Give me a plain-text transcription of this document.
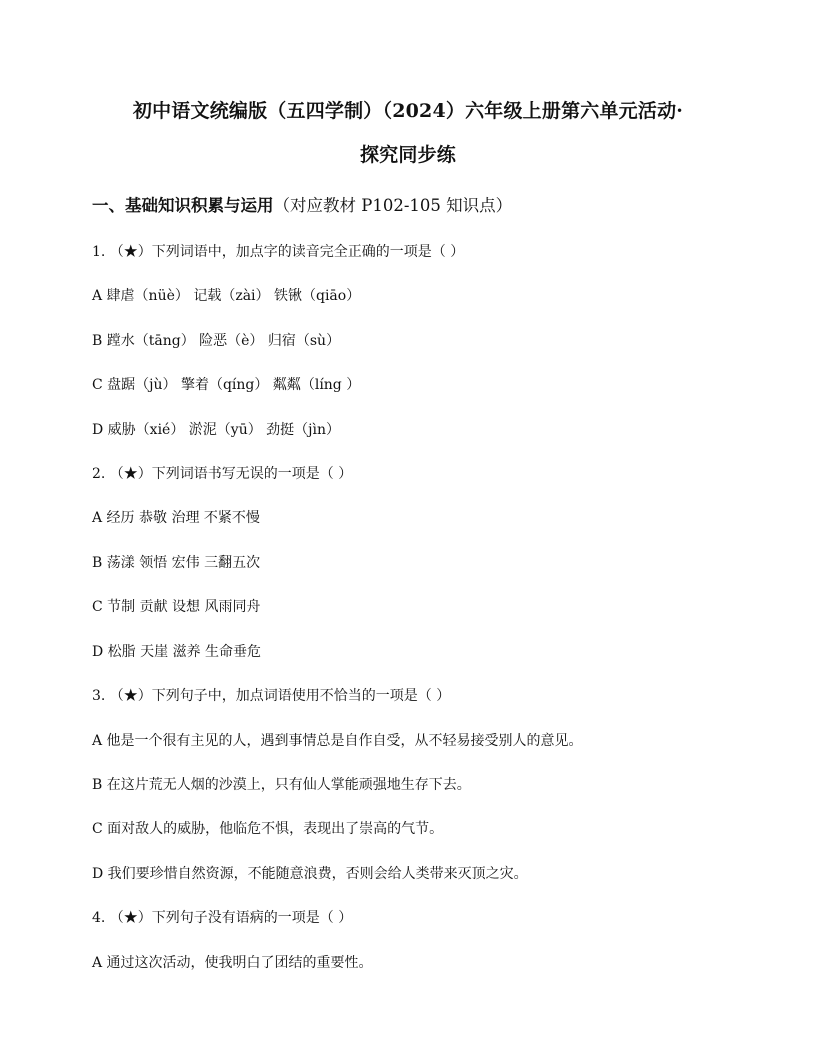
初中语文统编版（五四学制）（2024）六年级上册第六单元活动·
探究同步练
一、基础知识积累与运用（对应教材 P102-105 知识点）
1. （★）下列词语中，加点字的读音完全正确的一项是（ ）
A 肆虐（nüè） 记载（zài） 铁锹（qiāo）
B 蹚水（tāng） 险恶（è） 归宿（sù）
C 盘踞（jù） 擎着（qíng） 粼粼（líng ）
D 威胁（xié） 淤泥（yū） 劲挺（jìn）
2. （★）下列词语书写无误的一项是（ ）
A 经历 恭敬 治理 不紧不慢
B 荡漾 领悟 宏伟 三翻五次
C 节制 贡献 设想 风雨同舟
D 松脂 天崖 滋养 生命垂危
3. （★）下列句子中，加点词语使用不恰当的一项是（ ）
A 他是一个很有主见的人，遇到事情总是自作自受，从不轻易接受别人的意见。
B 在这片荒无人烟的沙漠上，只有仙人掌能顽强地生存下去。
C 面对敌人的威胁，他临危不惧，表现出了崇高的气节。
D 我们要珍惜自然资源，不能随意浪费，否则会给人类带来灭顶之灾。
4. （★）下列句子没有语病的一项是（ ）
A 通过这次活动，使我明白了团结的重要性。
